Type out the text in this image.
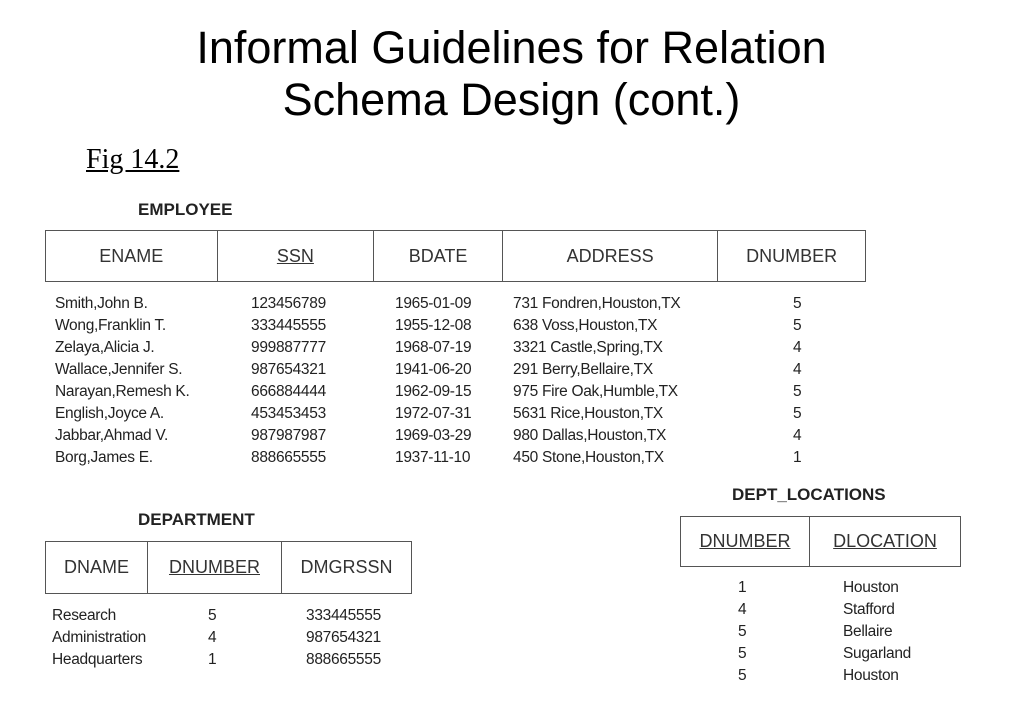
Informal Guidelines for Relation
Schema Design (cont.)
Fig 14.2
EMPLOYEE
ENAME	SSN	BDATE	ADDRESS	DNUMBER
Smith,John B.	123456789	1965-01-09	731 Fondren,Houston,TX	5
Wong,Franklin T.	333445555	1955-12-08	638 Voss,Houston,TX	5
Zelaya,Alicia J.	999887777	1968-07-19	3321 Castle,Spring,TX	4
Wallace,Jennifer S.	987654321	1941-06-20	291 Berry,Bellaire,TX	4
Narayan,Remesh K.	666884444	1962-09-15	975 Fire Oak,Humble,TX	5
English,Joyce A.	453453453	1972-07-31	5631 Rice,Houston,TX	5
Jabbar,Ahmad V.	987987987	1969-03-29	980 Dallas,Houston,TX	4
Borg,James E.	888665555	1937-11-10	450 Stone,Houston,TX	1
DEPARTMENT
DNAME DNUMBER DMGRSSN
Research	5	333445555
Administration	4	987654321
Headquarters	1	888665555
DEPT_LOCATIONS
DNUMBER DLOCATION
1	Houston
4	Stafford
5	Bellaire
5	Sugarland
5	Houston
